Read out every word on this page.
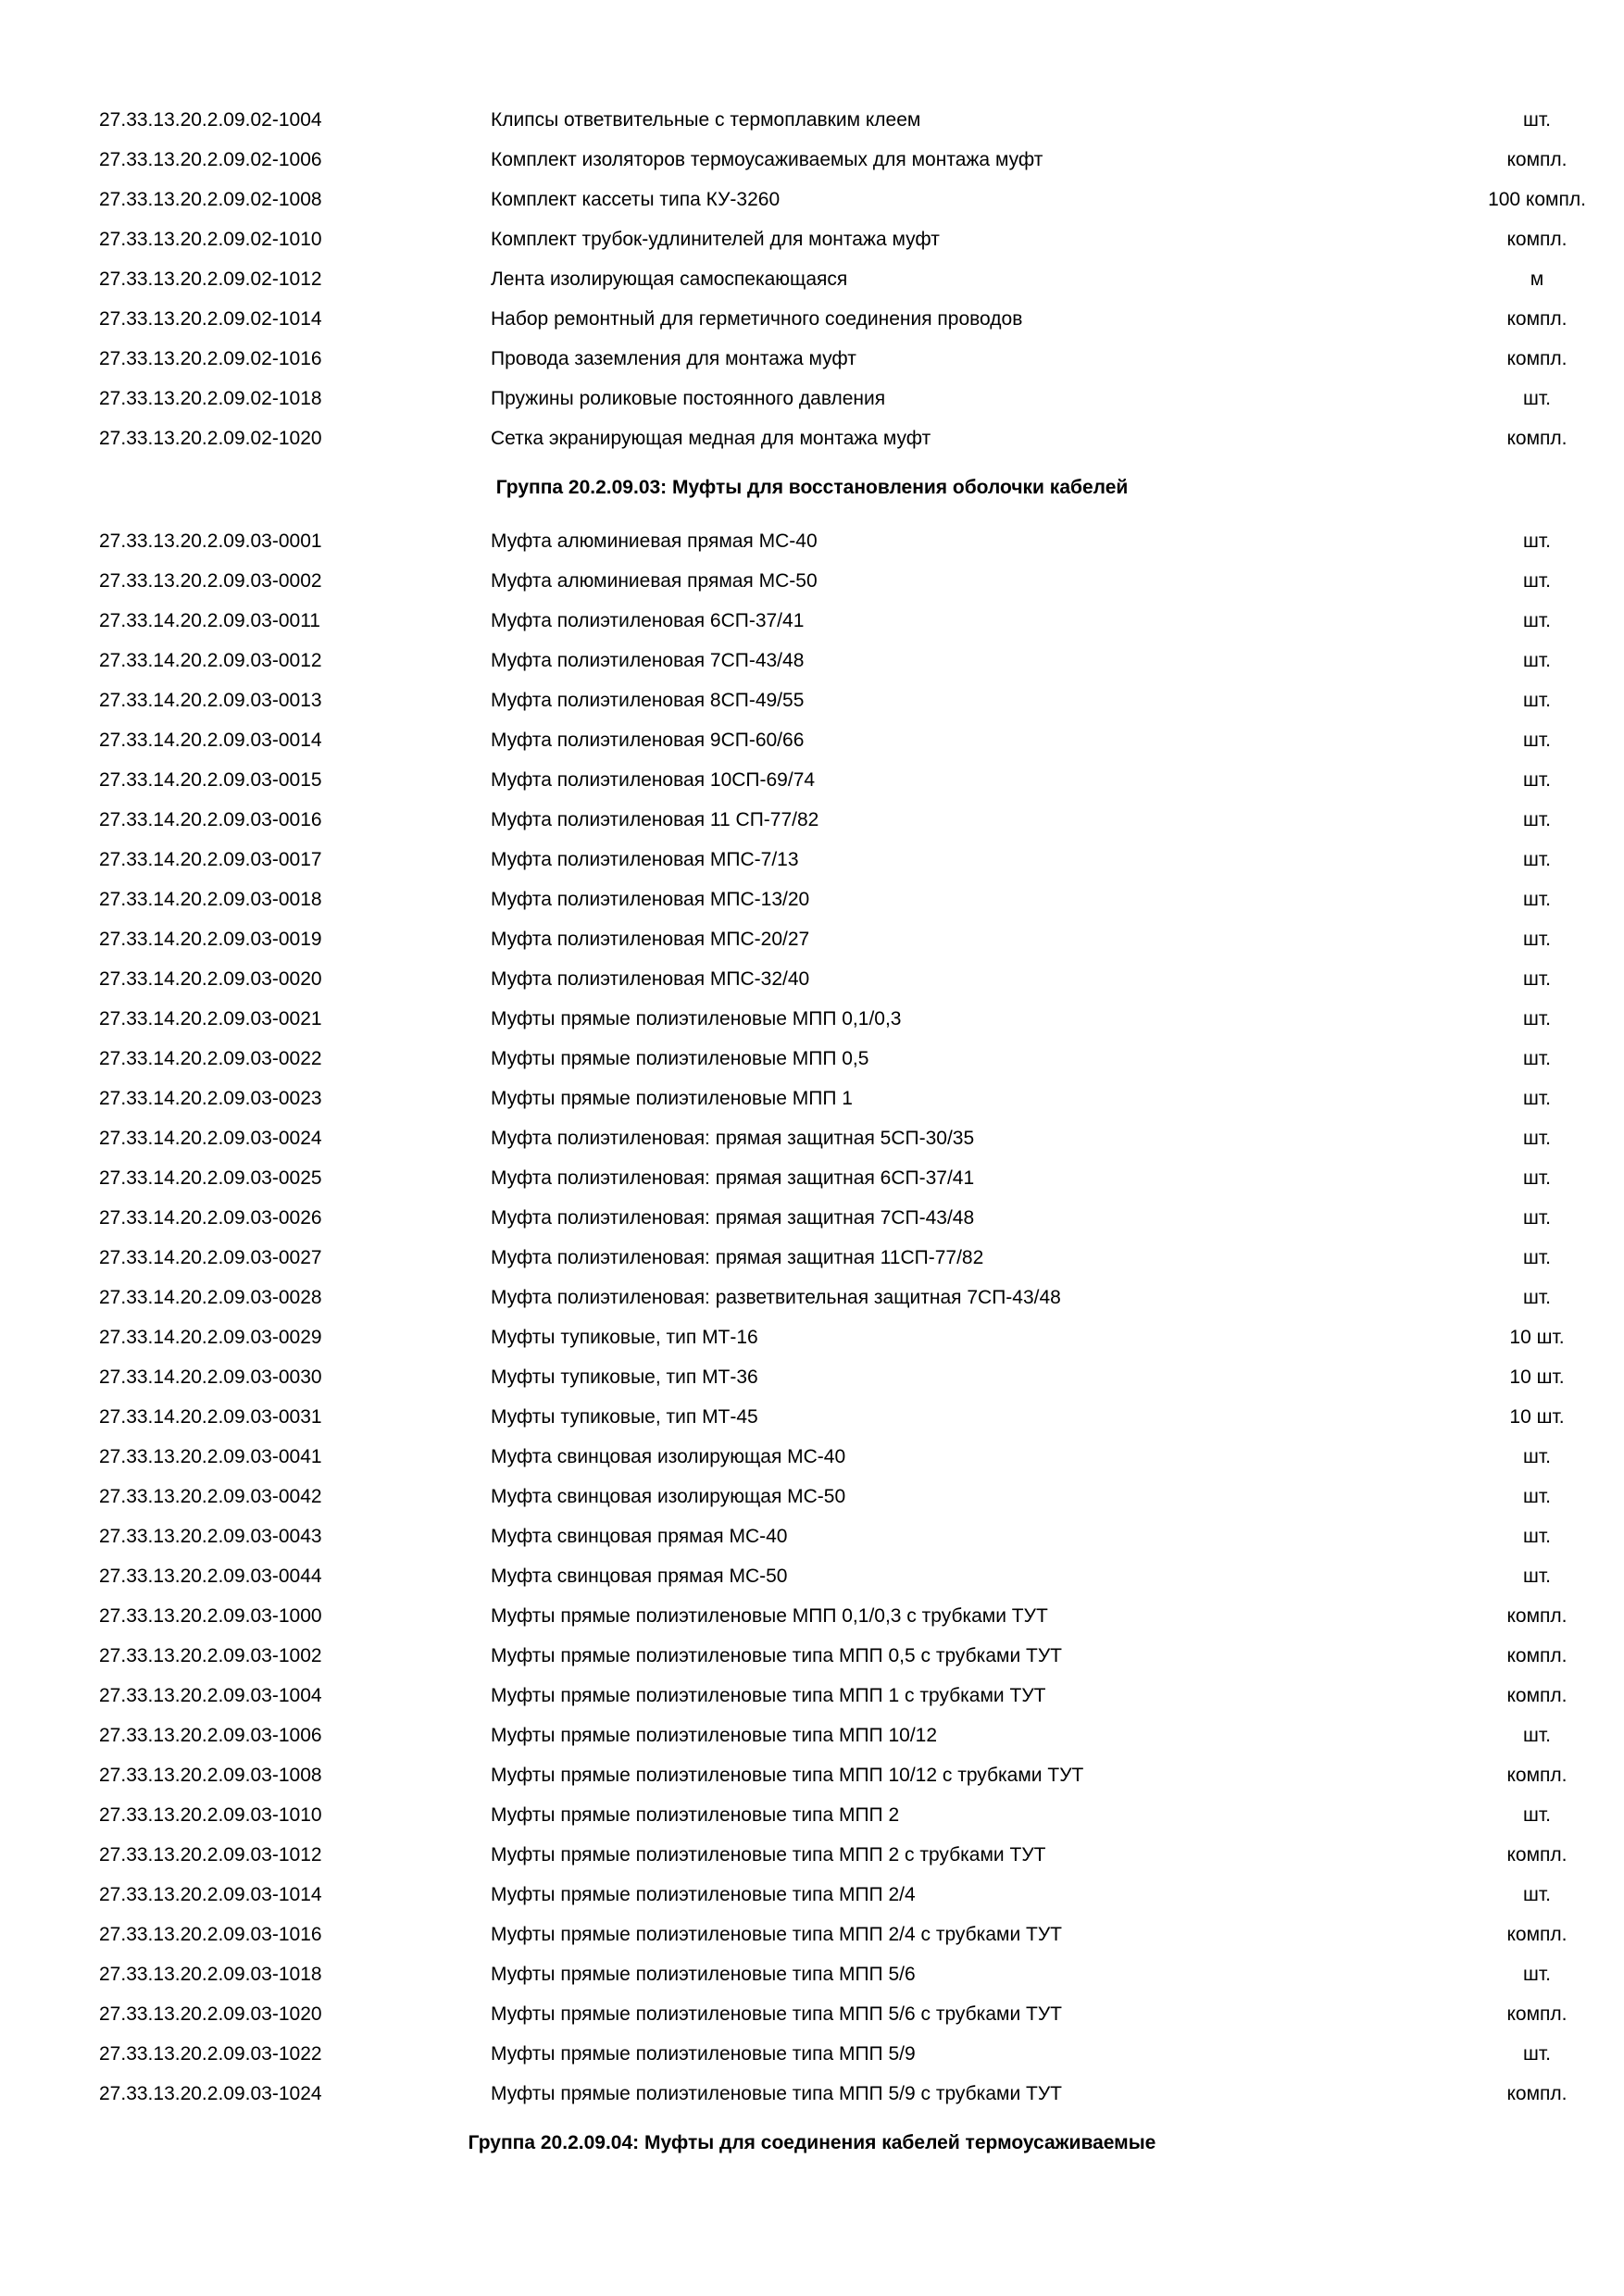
27.33.13.20.2.09.02-1004	Клипсы ответвительные с термоплавким клеем	шт.
27.33.13.20.2.09.02-1006	Комплект изоляторов термоусаживаемых для монтажа муфт	компл.
27.33.13.20.2.09.02-1008	Комплект кассеты типа КУ-3260	100 компл.
27.33.13.20.2.09.02-1010	Комплект трубок-удлинителей для монтажа муфт	компл.
27.33.13.20.2.09.02-1012	Лента изолирующая самоспекающаяся	м
27.33.13.20.2.09.02-1014	Набор ремонтный для герметичного соединения проводов	компл.
27.33.13.20.2.09.02-1016	Провода заземления для монтажа муфт	компл.
27.33.13.20.2.09.02-1018	Пружины роликовые постоянного давления	шт.
27.33.13.20.2.09.02-1020	Сетка экранирующая медная для монтажа муфт	компл.
Группа 20.2.09.03: Муфты для восстановления оболочки кабелей
27.33.13.20.2.09.03-0001	Муфта алюминиевая прямая МС-40	шт.
27.33.13.20.2.09.03-0002	Муфта алюминиевая прямая МС-50	шт.
27.33.14.20.2.09.03-0011	Муфта полиэтиленовая 6СП-37/41	шт.
27.33.14.20.2.09.03-0012	Муфта полиэтиленовая 7СП-43/48	шт.
27.33.14.20.2.09.03-0013	Муфта полиэтиленовая 8СП-49/55	шт.
27.33.14.20.2.09.03-0014	Муфта полиэтиленовая 9СП-60/66	шт.
27.33.14.20.2.09.03-0015	Муфта полиэтиленовая 10СП-69/74	шт.
27.33.14.20.2.09.03-0016	Муфта полиэтиленовая 11 СП-77/82	шт.
27.33.14.20.2.09.03-0017	Муфта полиэтиленовая МПС-7/13	шт.
27.33.14.20.2.09.03-0018	Муфта полиэтиленовая МПС-13/20	шт.
27.33.14.20.2.09.03-0019	Муфта полиэтиленовая МПС-20/27	шт.
27.33.14.20.2.09.03-0020	Муфта полиэтиленовая МПС-32/40	шт.
27.33.14.20.2.09.03-0021	Муфты прямые полиэтиленовые МПП 0,1/0,3	шт.
27.33.14.20.2.09.03-0022	Муфты прямые полиэтиленовые МПП 0,5	шт.
27.33.14.20.2.09.03-0023	Муфты прямые полиэтиленовые МПП 1	шт.
27.33.14.20.2.09.03-0024	Муфта полиэтиленовая: прямая защитная 5СП-30/35	шт.
27.33.14.20.2.09.03-0025	Муфта полиэтиленовая: прямая защитная 6СП-37/41	шт.
27.33.14.20.2.09.03-0026	Муфта полиэтиленовая: прямая защитная 7СП-43/48	шт.
27.33.14.20.2.09.03-0027	Муфта полиэтиленовая: прямая защитная 11СП-77/82	шт.
27.33.14.20.2.09.03-0028	Муфта полиэтиленовая: разветвительная защитная 7СП-43/48	шт.
27.33.14.20.2.09.03-0029	Муфты тупиковые, тип МТ-16	10 шт.
27.33.14.20.2.09.03-0030	Муфты тупиковые, тип МТ-36	10 шт.
27.33.14.20.2.09.03-0031	Муфты тупиковые, тип МТ-45	10 шт.
27.33.13.20.2.09.03-0041	Муфта свинцовая изолирующая МС-40	шт.
27.33.13.20.2.09.03-0042	Муфта свинцовая изолирующая МС-50	шт.
27.33.13.20.2.09.03-0043	Муфта свинцовая прямая МС-40	шт.
27.33.13.20.2.09.03-0044	Муфта свинцовая прямая МС-50	шт.
27.33.13.20.2.09.03-1000	Муфты прямые полиэтиленовые МПП 0,1/0,3 с трубками ТУТ	компл.
27.33.13.20.2.09.03-1002	Муфты прямые полиэтиленовые типа МПП 0,5 с трубками ТУТ	компл.
27.33.13.20.2.09.03-1004	Муфты прямые полиэтиленовые типа МПП 1 с трубками ТУТ	компл.
27.33.13.20.2.09.03-1006	Муфты прямые полиэтиленовые типа МПП 10/12	шт.
27.33.13.20.2.09.03-1008	Муфты прямые полиэтиленовые типа МПП 10/12 с трубками ТУТ	компл.
27.33.13.20.2.09.03-1010	Муфты прямые полиэтиленовые типа МПП 2	шт.
27.33.13.20.2.09.03-1012	Муфты прямые полиэтиленовые типа МПП 2 с трубками ТУТ	компл.
27.33.13.20.2.09.03-1014	Муфты прямые полиэтиленовые типа МПП 2/4	шт.
27.33.13.20.2.09.03-1016	Муфты прямые полиэтиленовые типа МПП 2/4 с трубками ТУТ	компл.
27.33.13.20.2.09.03-1018	Муфты прямые полиэтиленовые типа МПП 5/6	шт.
27.33.13.20.2.09.03-1020	Муфты прямые полиэтиленовые типа МПП 5/6 с трубками ТУТ	компл.
27.33.13.20.2.09.03-1022	Муфты прямые полиэтиленовые типа МПП 5/9	шт.
27.33.13.20.2.09.03-1024	Муфты прямые полиэтиленовые типа МПП 5/9 с трубками ТУТ	компл.
Группа 20.2.09.04: Муфты для соединения кабелей термоусаживаемые
